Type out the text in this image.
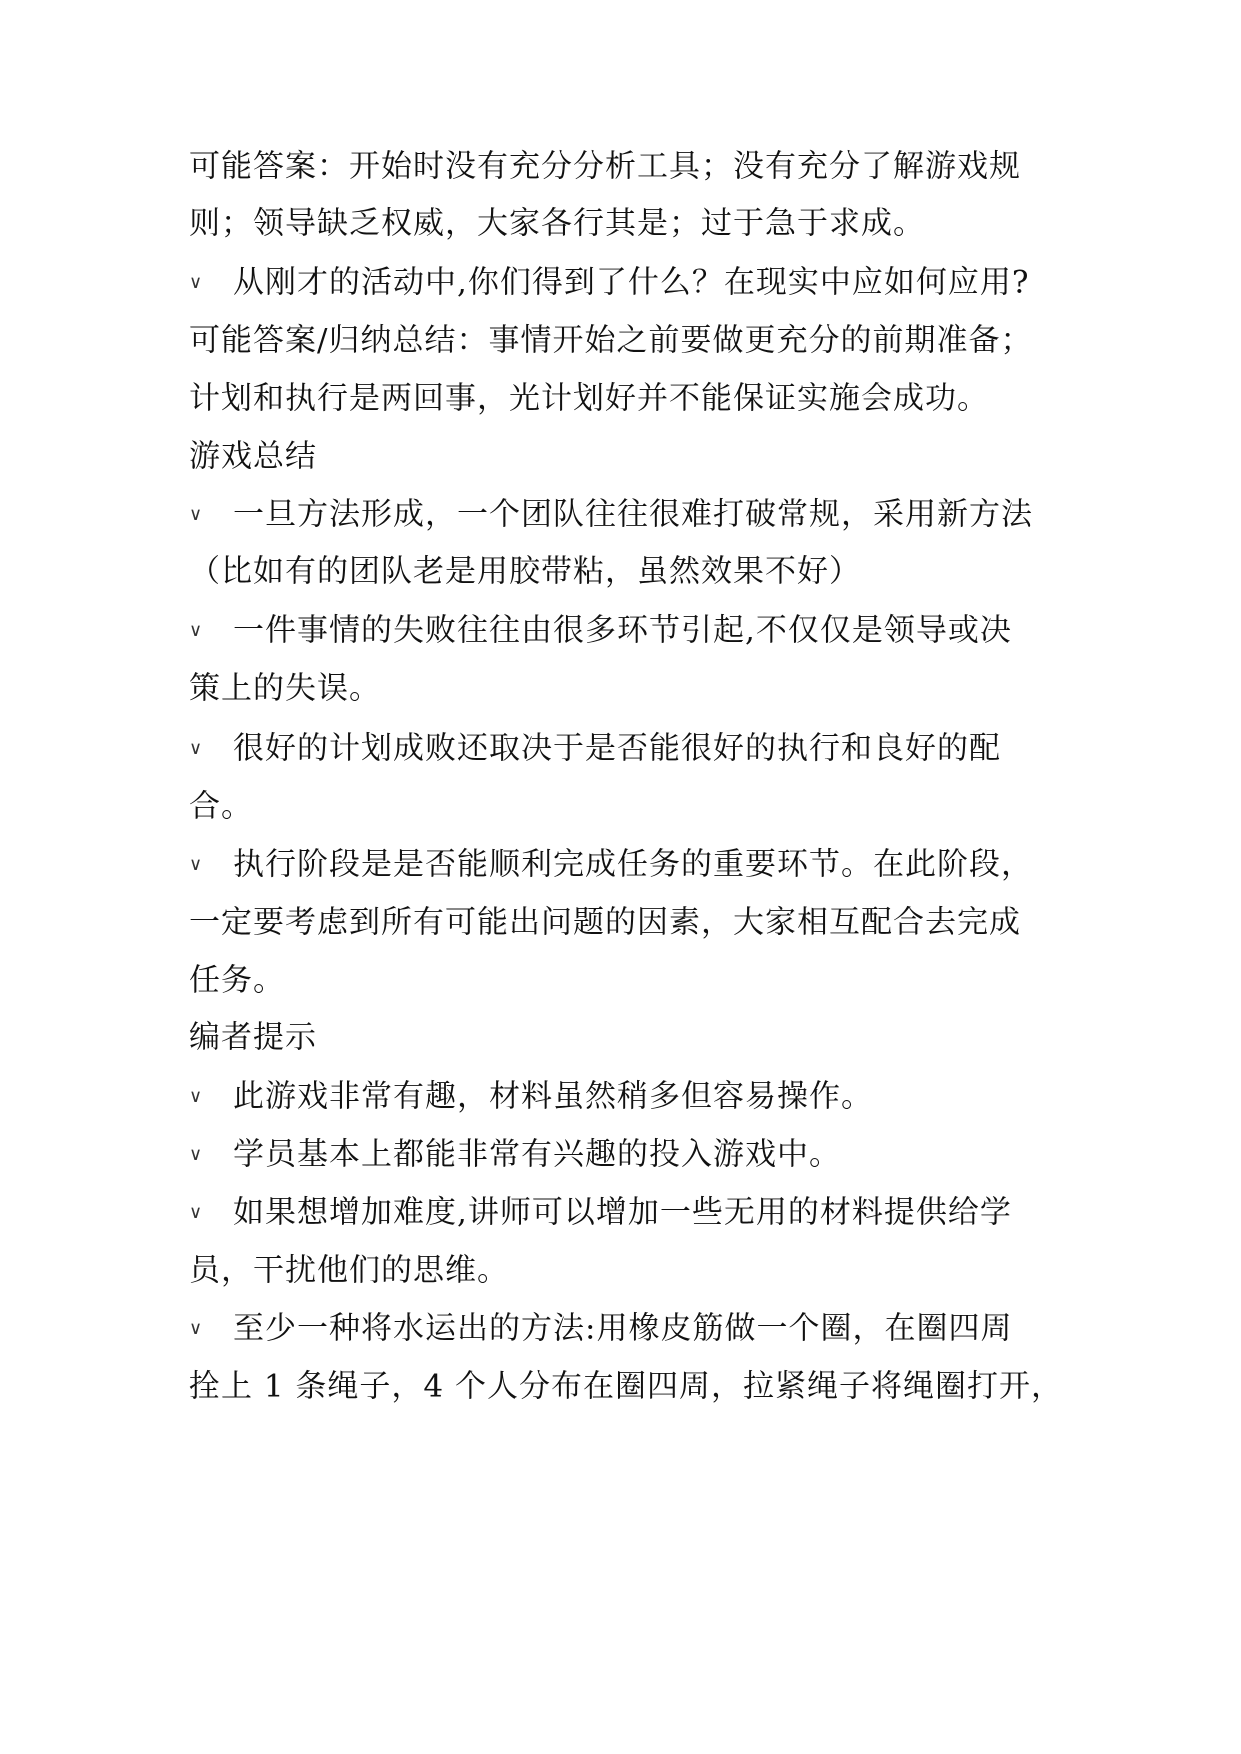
可能答案：开始时没有充分分析工具；没有充分了解游戏规
则；领导缺乏权威，大家各行其是；过于急于求成。
∨ 从刚才的活动中,你们得到了什么？在现实中应如何应用?
可能答案/归纳总结：事情开始之前要做更充分的前期准备；
计划和执行是两回事，光计划好并不能保证实施会成功。
游戏总结
∨ 一旦方法形成，一个团队往往很难打破常规，采用新方法
（比如有的团队老是用胶带粘，虽然效果不好）
∨ 一件事情的失败往往由很多环节引起,不仅仅是领导或决
策上的失误。
∨ 很好的计划成败还取决于是否能很好的执行和良好的配
合。
∨ 执行阶段是是否能顺利完成任务的重要环节。在此阶段，
一定要考虑到所有可能出问题的因素，大家相互配合去完成
任务。
编者提示
∨ 此游戏非常有趣，材料虽然稍多但容易操作。
∨ 学员基本上都能非常有兴趣的投入游戏中。
∨ 如果想增加难度,讲师可以增加一些无用的材料提供给学
员，干扰他们的思维。
∨ 至少一种将水运出的方法:用橡皮筋做一个圈，在圈四周
拴上 1 条绳子，4 个人分布在圈四周，拉紧绳子将绳圈打开，
